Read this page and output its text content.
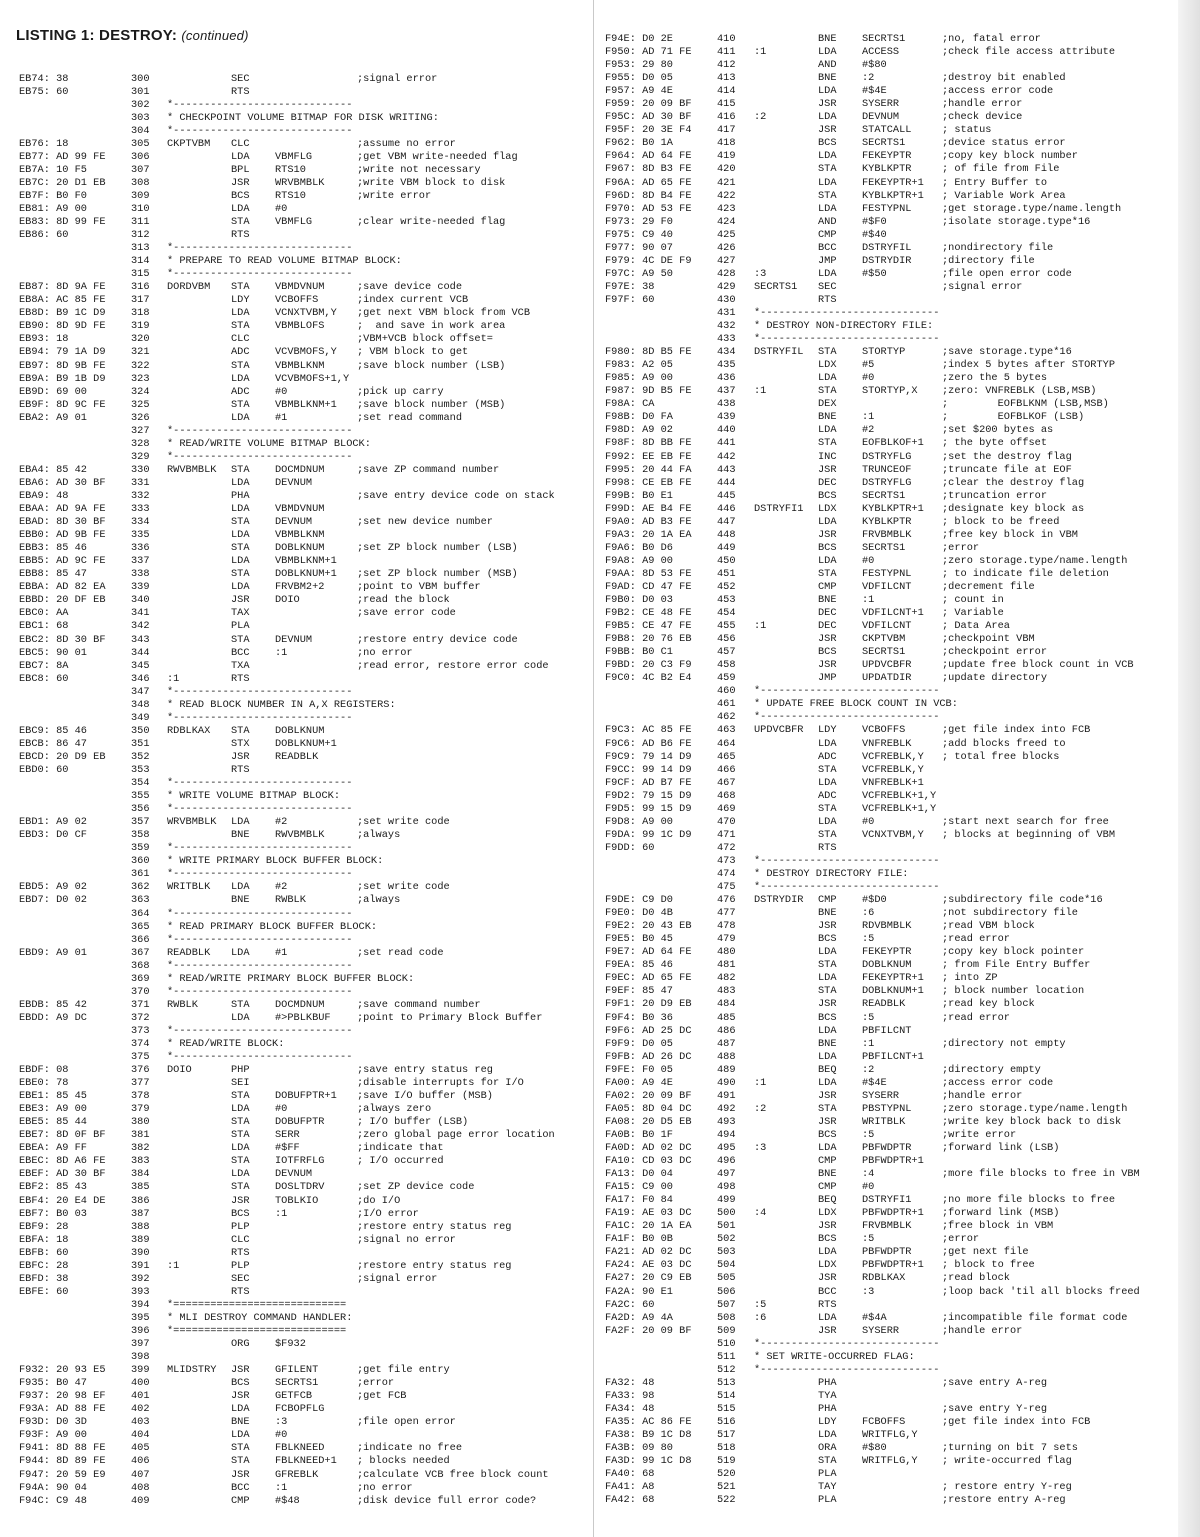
LISTING 1: DESTROY: (continued)
EB74: 38	300	SEC	;signal error
EB75: 60	301	RTS
302 *-----------------------------
303 * CHECKPOINT VOLUME BITMAP FOR DISK WRITING:
304 *-----------------------------
EB76: 18	305 CKPTVBM CLC	;assume no error
EB77: AD 99 FE 306	LDA VBMFLG	;get VBM write-needed flag
EB7A: 10 F5	307	BPL RTS10	;write not necessary
EB7C: 20 D1 EB 308	JSR WRVBMBLK	;write VBM block to disk
EB7F: B0 F0	309	BCS RTS10	;write error
EB81: A9 00	310	LDA #0
EB83: 8D 99 FE 311	STA VBMFLG	;clear write-needed flag
EB86: 60	312	RTS
313 *-----------------------------
314 * PREPARE TO READ VOLUME BITMAP BLOCK:
315 *-----------------------------
EB87: 8D 9A FE 316 DORDVBM STA VBMDVNUM	;save device code
EB8A: AC 85 FE 317	LDY VCBOFFS	;index current VCB
EB8D: B9 1C D9 318	LDA VCNXTVBM,Y ;get next VBM block from VCB
EB90: 8D 9D FE 319	STA VBMBLOFS	;  and save in work area
EB93: 18	320	CLC	;VBM+VCB block offset=
EB94: 79 1A D9 321	ADC VCVBMOFS,Y ; VBM block to get
EB97: 8D 9B FE 322	STA VBMBLKNM	;save block number (LSB)
EB9A: B9 1B D9 323	LDA VCVBMOFS+1,Y
EB9D: 69 00	324	ADC #0	;pick up carry
EB9F: 8D 9C FE 325	STA VBMBLKNM+1 ;save block number (MSB)
EBA2: A9 01	326	LDA #1	;set read command
327 *-----------------------------
328 * READ/WRITE VOLUME BITMAP BLOCK:
329 *-----------------------------
EBA4: 85 42	330 RWVBMBLK STA DOCMDNUM	;save ZP command number
EBA6: AD 30 BF 331	LDA DEVNUM
EBA9: 48	332	PHA	;save entry device code on stack
EBAA: AD 9A FE 333	LDA VBMDVNUM
EBAD: 8D 30 BF 334	STA DEVNUM	;set new device number
EBB0: AD 9B FE 335	LDA VBMBLKNM
EBB3: 85 46	336	STA DOBLKNUM	;set ZP block number (LSB)
EBB5: AD 9C FE 337	LDA VBMBLKNM+1
EBB8: 85 47	338	STA DOBLKNUM+1 ;set ZP block number (MSB)
EBBA: AD 82 EA 339	LDA FRVBM2+2	;point to VBM buffer
EBBD: 20 DF EB 340	JSR DOIO	;read the block
EBC0: AA	341	TAX	;save error code
EBC1: 68	342	PLA
EBC2: 8D 30 BF 343	STA DEVNUM	;restore entry device code
EBC5: 90 01	344	BCC :1	;no error
EBC7: 8A	345	TXA	;read error, restore error code
EBC8: 60	346 :1	RTS
347 *-----------------------------
348 * READ BLOCK NUMBER IN A,X REGISTERS:
349 *-----------------------------
EBC9: 85 46	350 RDBLKAX STA DOBLKNUM
EBCB: 86 47	351	STX DOBLKNUM+1
EBCD: 20 D9 EB 352	JSR READBLK
EBD0: 60	353	RTS
354 *-----------------------------
355 * WRITE VOLUME BITMAP BLOCK:
356 *-----------------------------
EBD1: A9 02	357 WRVBMBLK LDA #2	;set write code
EBD3: D0 CF	358	BNE RWVBMBLK	;always
359 *-----------------------------
360 * WRITE PRIMARY BLOCK BUFFER BLOCK:
361 *-----------------------------
EBD5: A9 02	362 WRITBLK LDA #2	;set write code
EBD7: D0 02	363	BNE RWBLK	;always
364 *-----------------------------
365 * READ PRIMARY BLOCK BUFFER BLOCK:
366 *-----------------------------
EBD9: A9 01	367 READBLK LDA #1	;set read code
368 *-----------------------------
369 * READ/WRITE PRIMARY BLOCK BUFFER BLOCK:
370 *-----------------------------
EBDB: 85 42	371 RWBLK	STA DOCMDNUM	;save command number
EBDD: A9 DC	372	LDA #>PBLKBUF	;point to Primary Block Buffer
373 *-----------------------------
374 * READ/WRITE BLOCK:
375 *-----------------------------
EBDF: 08	376 DOIO	PHP	;save entry status reg
EBE0: 78	377	SEI	;disable interrupts for I/O
EBE1: 85 45	378	STA DOBUFPTR+1 ;save I/O buffer (MSB)
EBE3: A9 00	379	LDA #0	;always zero
EBE5: 85 44	380	STA DOBUFPTR	; I/O buffer (LSB)
EBE7: 8D 0F BF 381	STA SERR	;zero global page error location
EBEA: A9 FF	382	LDA #$FF	;indicate that
EBEC: 8D A6 FE 383	STA IOTFRFLG	; I/O occurred
EBEF: AD 30 BF 384	LDA DEVNUM
EBF2: 85 43	385	STA DOSLTDRV	;set ZP device code
EBF4: 20 E4 DE 386	JSR TOBLKIO	;do I/O
EBF7: B0 03	387	BCS :1	;I/O error
EBF9: 28	388	PLP	;restore entry status reg
EBFA: 18	389	CLC	;signal no error
EBFB: 60	390	RTS
EBFC: 28	391 :1	PLP	;restore entry status reg
EBFD: 38	392	SEC	;signal error
EBFE: 60	393	RTS
394 *============================
395 * MLI DESTROY COMMAND HANDLER:
396 *============================
397	ORG $F932
398
F932: 20 93 E5 399 MLIDSTRY JSR GFILENT	;get file entry
F935: B0 47	400	BCS SECRTS1	;error
F937: 20 98 EF 401	JSR GETFCB	;get FCB
F93A: AD 88 FE 402	LDA FCBOPFLG
F93D: D0 3D	403	BNE :3	;file open error
F93F: A9 00	404	LDA #0
F941: 8D 88 FE 405	STA FBLKNEED	;indicate no free
F944: 8D 89 FE 406	STA FBLKNEED+1 ; blocks needed
F947: 20 59 E9 407	JSR GFREBLK	;calculate VCB free block count
F94A: 90 04	408	BCC :1	;no error
F94C: C9 48	409	CMP #$48	;disk device full error code?
F94E: D0 2E	410	BNE SECRTS1	;no, fatal error
F950: AD 71 FE 411 :1	LDA ACCESS	;check file access attribute
F953: 29 80	412	AND #$80
F955: D0 05	413	BNE :2	;destroy bit enabled
F957: A9 4E	414	LDA #$4E	;access error code
F959: 20 09 BF 415	JSR SYSERR	;handle error
F95C: AD 30 BF 416 :2	LDA DEVNUM	;check device
F95F: 20 3E F4 417	JSR STATCALL	; status
F962: B0 1A	418	BCS SECRTS1	;device status error
F964: AD 64 FE 419	LDA FEKEYPTR	;copy key block number
F967: 8D B3 FE 420	STA KYBLKPTR	; of file from File
F96A: AD 65 FE 421	LDA FEKEYPTR+1 ; Entry Buffer to
F96D: 8D B4 FE 422	STA KYBLKPTR+1 ; Variable Work Area
F970: AD 53 FE 423	LDA FESTYPNL	;get storage.type/name.length
F973: 29 F0	424	AND #$F0	;isolate storage.type*16
F975: C9 40	425	CMP #$40
F977: 90 07	426	BCC DSTRYFIL	;nondirectory file
F979: 4C DE F9 427	JMP DSTRYDIR	;directory file
F97C: A9 50	428 :3	LDA #$50	;file open error code
F97E: 38	429 SECRTS1 SEC	;signal error
F97F: 60	430	RTS
431 *-----------------------------
432 * DESTROY NON-DIRECTORY FILE:
433 *-----------------------------
F980: 8D B5 FE 434 DSTRYFIL STA STORTYP	;save storage.type*16
F983: A2 05	435	LDX #5	;index 5 bytes after STORTYP
F985: A9 00	436	LDA #0	;zero the 5 bytes
F987: 9D B5 FE 437 :1	STA STORTYP,X ;zero: VNFREBLK (LSB,MSB)
F98A: CA	438	DEX	;        EOFBLKNM (LSB,MSB)
F98B: D0 FA	439	BNE :1	;        EOFBLKOF (LSB)
F98D: A9 02	440	LDA #2	;set $200 bytes as
F98F: 8D BB FE 441	STA EOFBLKOF+1 ; the byte offset
F992: EE EB FE 442	INC DSTRYFLG	;set the destroy flag
F995: 20 44 FA 443	JSR TRUNCEOF	;truncate file at EOF
F998: CE EB FE 444	DEC DSTRYFLG	;clear the destroy flag
F99B: B0 E1	445	BCS SECRTS1	;truncation error
F99D: AE B4 FE 446 DSTRYFI1 LDX KYBLKPTR+1 ;designate key block as
F9A0: AD B3 FE 447	LDA KYBLKPTR	; block to be freed
F9A3: 20 1A EA 448	JSR FRVBMBLK	;free key block in VBM
F9A6: B0 D6	449	BCS SECRTS1	;error
F9A8: A9 00	450	LDA #0	;zero storage.type/name.length
F9AA: 8D 53 FE 451	STA FESTYPNL	; to indicate file deletion
F9AD: CD 47 FE 452	CMP VDFILCNT	;decrement file
F9B0: D0 03	453	BNE :1	; count in
F9B2: CE 48 FE 454	DEC VDFILCNT+1 ; Variable
F9B5: CE 47 FE 455 :1	DEC VDFILCNT	; Data Area
F9B8: 20 76 EB 456	JSR CKPTVBM	;checkpoint VBM
F9BB: B0 C1	457	BCS SECRTS1	;checkpoint error
F9BD: 20 C3 F9 458	JSR UPDVCBFR	;update free block count in VCB
F9C0: 4C B2 E4 459	JMP UPDATDIR	;update directory
460 *-----------------------------
461 * UPDATE FREE BLOCK COUNT IN VCB:
462 *-----------------------------
F9C3: AC 85 FE 463 UPDVCBFR LDY VCBOFFS	;get file index into FCB
F9C6: AD B6 FE 464	LDA VNFREBLK	;add blocks freed to
F9C9: 79 14 D9 465	ADC VCFREBLK,Y ; total free blocks
F9CC: 99 14 D9 466	STA VCFREBLK,Y
F9CF: AD B7 FE 467	LDA VNFREBLK+1
F9D2: 79 15 D9 468	ADC VCFREBLK+1,Y
F9D5: 99 15 D9 469	STA VCFREBLK+1,Y
F9D8: A9 00	470	LDA #0	;start next search for free
F9DA: 99 1C D9 471	STA VCNXTVBM,Y ; blocks at beginning of VBM
F9DD: 60	472	RTS
473 *-----------------------------
474 * DESTROY DIRECTORY FILE:
475 *-----------------------------
F9DE: C9 D0	476 DSTRYDIR CMP #$D0	;subdirectory file code*16
F9E0: D0 4B	477	BNE :6	;not subdirectory file
F9E2: 20 43 EB 478	JSR RDVBMBLK	;read VBM block
F9E5: B0 45	479	BCS :5	;read error
F9E7: AD 64 FE 480	LDA FEKEYPTR	;copy key block pointer
F9EA: 85 46	481	STA DOBLKNUM	; from File Entry Buffer
F9EC: AD 65 FE 482	LDA FEKEYPTR+1 ; into ZP
F9EF: 85 47	483	STA DOBLKNUM+1 ; block number location
F9F1: 20 D9 EB 484	JSR READBLK	;read key block
F9F4: B0 36	485	BCS :5	;read error
F9F6: AD 25 DC 486	LDA PBFILCNT
F9F9: D0 05	487	BNE :1	;directory not empty
F9FB: AD 26 DC 488	LDA PBFILCNT+1
F9FE: F0 05	489	BEQ :2	;directory empty
FA00: A9 4E	490 :1	LDA #$4E	;access error code
FA02: 20 09 BF 491	JSR SYSERR	;handle error
FA05: 8D 04 DC 492 :2	STA PBSTYPNL	;zero storage.type/name.length
FA08: 20 D5 EB 493	JSR WRITBLK	;write key block back to disk
FA0B: B0 1F	494	BCS :5	;write error
FA0D: AD 02 DC 495 :3	LDA PBFWDPTR	;forward link (LSB)
FA10: CD 03 DC 496	CMP PBFWDPTR+1
FA13: D0 04	497	BNE :4	;more file blocks to free in VBM
FA15: C9 00	498	CMP #0
FA17: F0 84	499	BEQ DSTRYFI1	;no more file blocks to free
FA19: AE 03 DC 500 :4	LDX PBFWDPTR+1 ;forward link (MSB)
FA1C: 20 1A EA 501	JSR FRVBMBLK	;free block in VBM
FA1F: B0 0B	502	BCS :5	;error
FA21: AD 02 DC 503	LDA PBFWDPTR	;get next file
FA24: AE 03 DC 504	LDX PBFWDPTR+1 ; block to free
FA27: 20 C9 EB 505	JSR RDBLKAX	;read block
FA2A: 90 E1	506	BCC :3	;loop back 'til all blocks freed
FA2C: 60	507 :5	RTS
FA2D: A9 4A	508 :6	LDA #$4A	;incompatible file format code
FA2F: 20 09 BF 509	JSR SYSERR	;handle error
510 *-----------------------------
511 * SET WRITE-OCCURRED FLAG:
512 *-----------------------------
FA32: 48	513	PHA	;save entry A-reg
FA33: 98	514	TYA
FA34: 48	515	PHA	;save entry Y-reg
FA35: AC 86 FE 516	LDY FCBOFFS	;get file index into FCB
FA38: B9 1C D8 517	LDA WRITFLG,Y
FA3B: 09 80	518	ORA #$80	;turning on bit 7 sets
FA3D: 99 1C D8 519	STA WRITFLG,Y ; write-occurred flag
FA40: 68	520	PLA
FA41: A8	521	TAY	; restore entry Y-reg
FA42: 68	522	PLA	;restore entry A-reg
